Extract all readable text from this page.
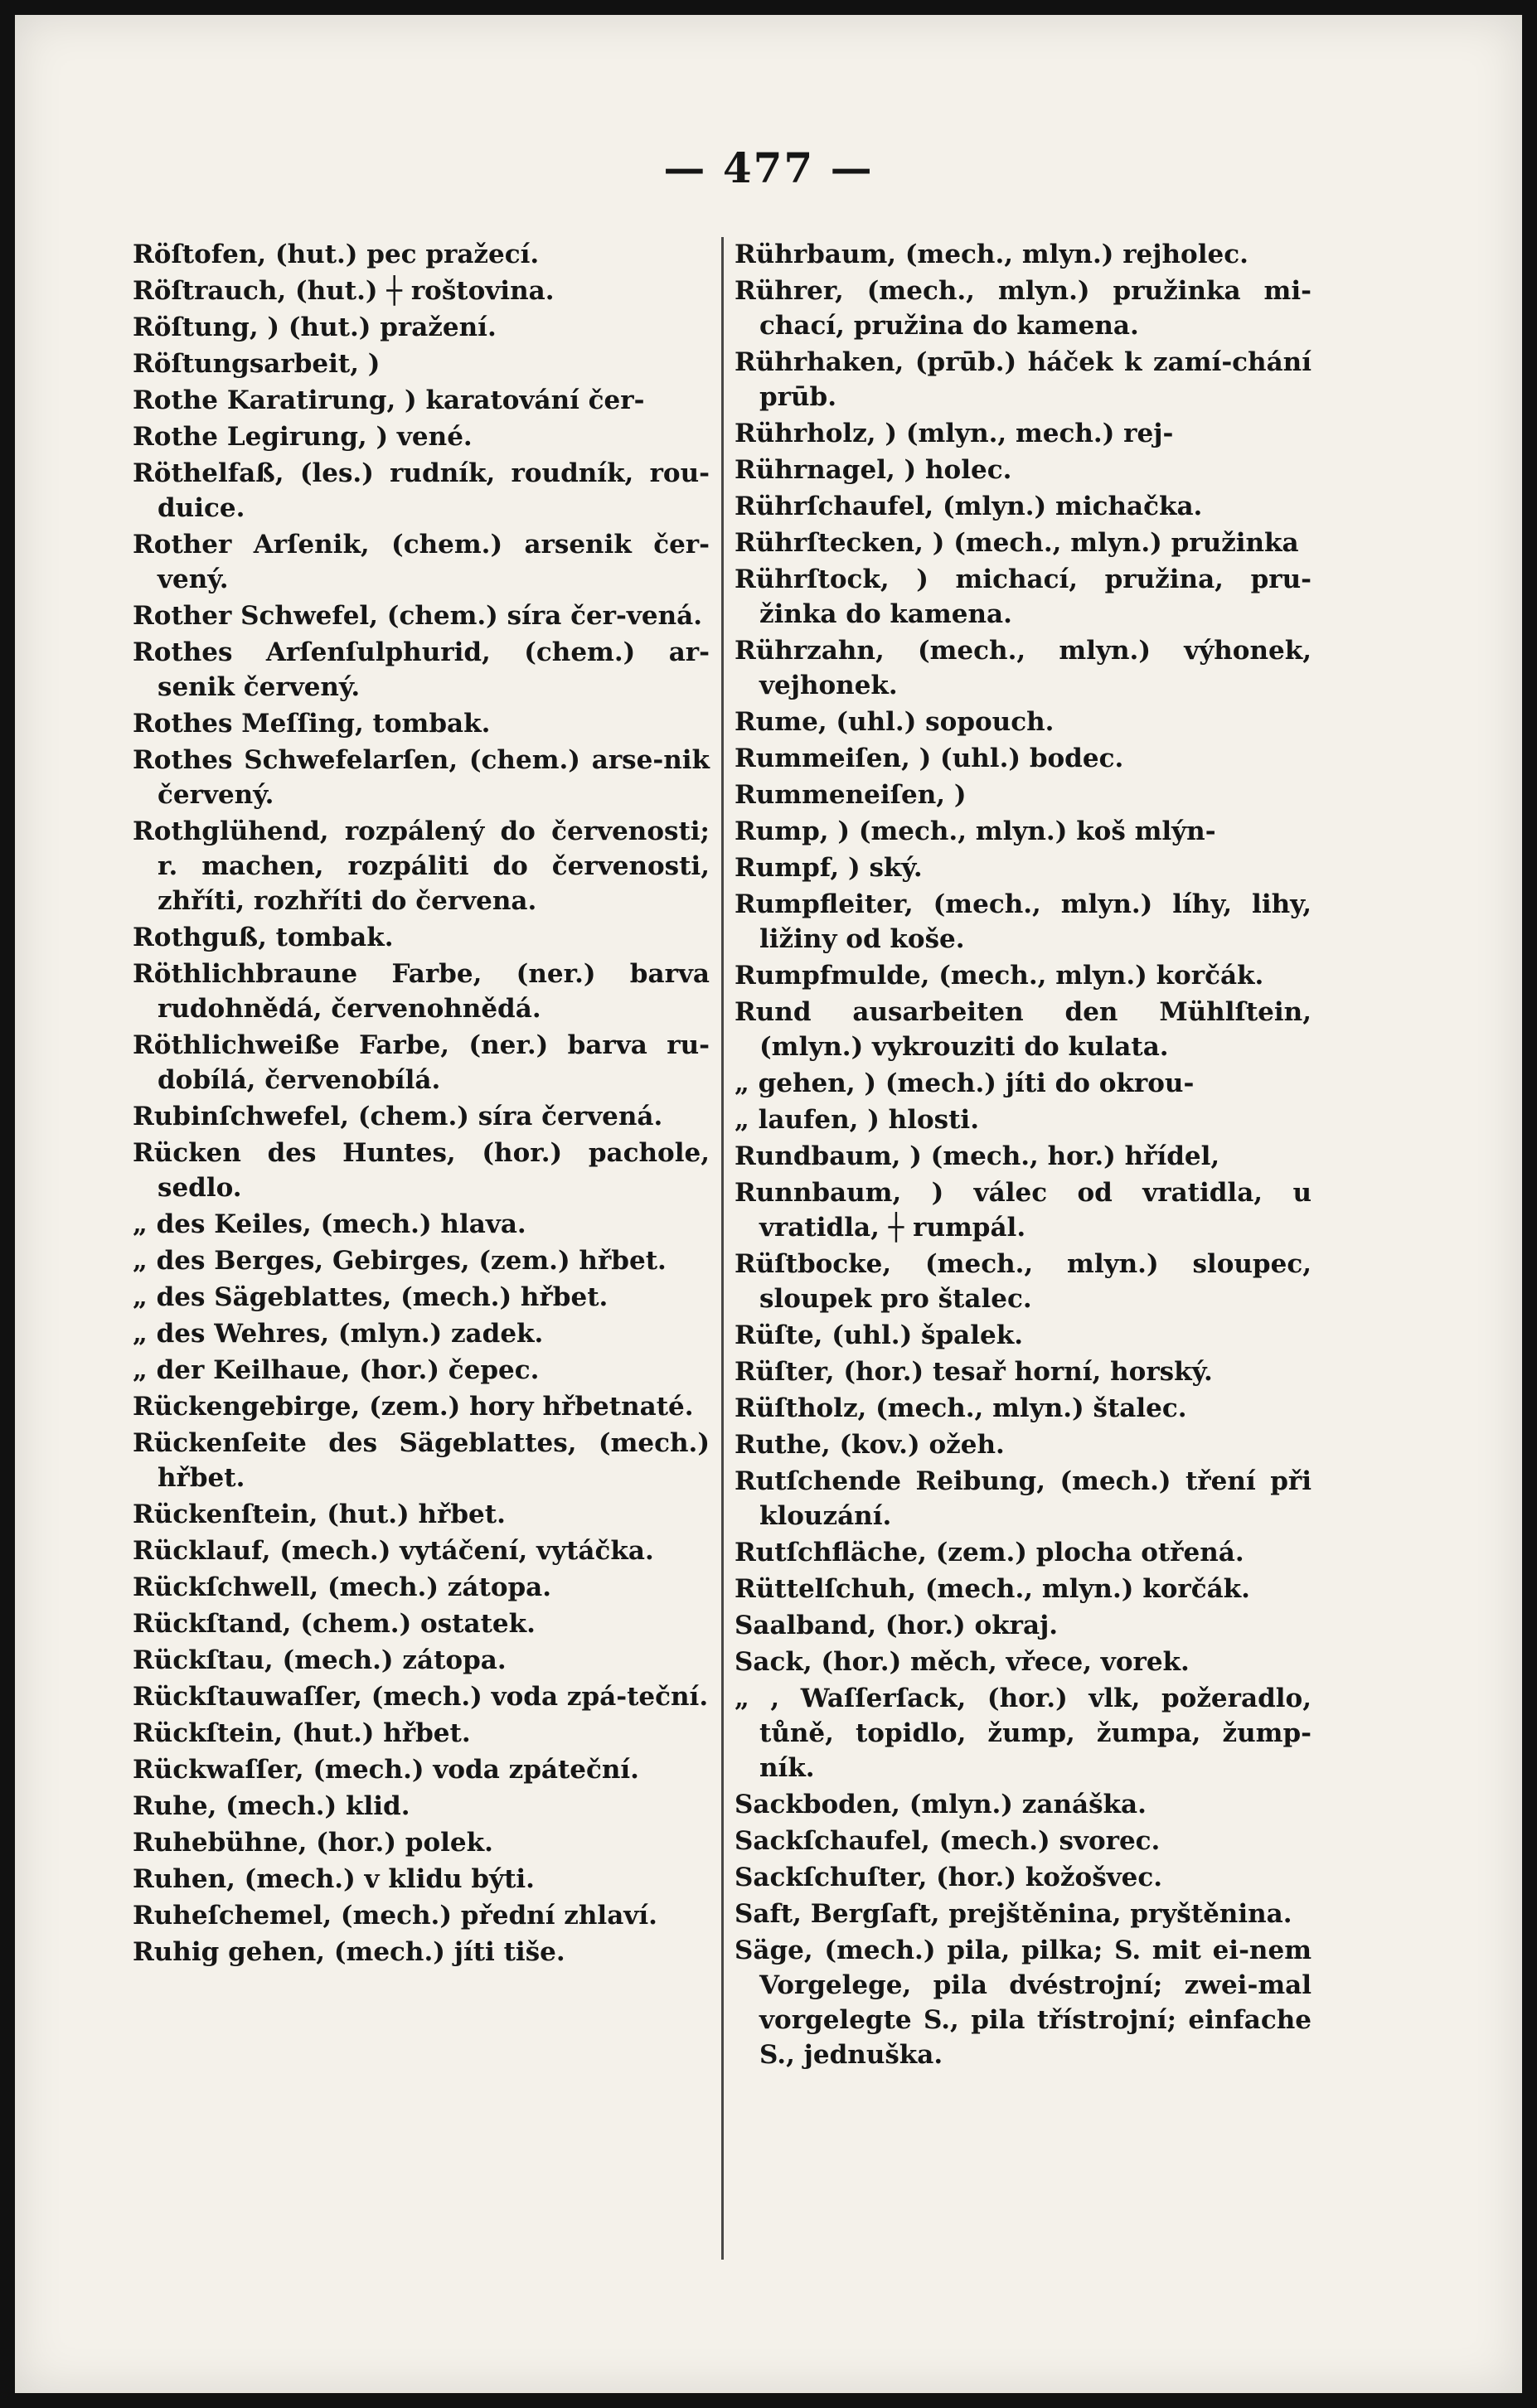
— 477 —
Röſtofen, (hut.) pec pražecí.
Röſtrauch, (hut.) ┼ roštovina.
Röſtung, ) (hut.) pražení.
Röſtungsarbeit, )
Rothe Karatirung, ) karatování čer-
Rothe Legirung, ) vené.
Röthelfaß, (les.) rudník, roudník, rou-duice.
Rother Arſenik, (chem.) arsenik čer-vený.
Rother Schwefel, (chem.) síra čer-vená.
Rothes Arſenſulphurid, (chem.) ar-senik červený.
Rothes Meſſing, tombak.
Rothes Schwefelarſen, (chem.) arse-nik červený.
Rothglühend, rozpálený do červenosti; r. machen, rozpáliti do červenosti, zhříti, rozhříti do červena.
Rothguß, tombak.
Röthlichbraune Farbe, (ner.) barva rudohnědá, červenohnědá.
Röthlichweiße Farbe, (ner.) barva ru-dobílá, červenobílá.
Rubinſchwefel, (chem.) síra červená.
Rücken des Huntes, (hor.) pachole, sedlo.
„ des Keiles, (mech.) hlava.
„ des Berges, Gebirges, (zem.) hřbet.
„ des Sägeblattes, (mech.) hřbet.
„ des Wehres, (mlyn.) zadek.
„ der Keilhaue, (hor.) čepec.
Rückengebirge, (zem.) hory hřbetnaté.
Rückenſeite des Sägeblattes, (mech.) hřbet.
Rückenſtein, (hut.) hřbet.
Rücklauf, (mech.) vytáčení, vytáčka.
Rückſchwell, (mech.) zátopa.
Rückſtand, (chem.) ostatek.
Rückſtau, (mech.) zátopa.
Rückſtauwaſſer, (mech.) voda zpá-teční.
Rückſtein, (hut.) hřbet.
Rückwaſſer, (mech.) voda zpáteční.
Ruhe, (mech.) klid.
Ruhebühne, (hor.) polek.
Ruhen, (mech.) v klidu býti.
Ruheſchemel, (mech.) přední zhlaví.
Ruhig gehen, (mech.) jíti tiše.
Rührbaum, (mech., mlyn.) rejholec.
Rührer, (mech., mlyn.) pružinka mi-chací, pružina do kamena.
Rührhaken, (prūb.) háček k zamí-chání prūb.
Rührholz, ) (mlyn., mech.) rej-
Rührnagel, ) holec.
Rührſchaufel, (mlyn.) michačka.
Rührſtecken, ) (mech., mlyn.) pružinka
Rührſtock, ) michací, pružina, pru-žinka do kamena.
Rührzahn, (mech., mlyn.) výhonek, vejhonek.
Rume, (uhl.) sopouch.
Rummeiſen, ) (uhl.) bodec.
Rummeneiſen, )
Rump, ) (mech., mlyn.) koš mlýn-
Rumpf, ) ský.
Rumpfleiter, (mech., mlyn.) líhy, lihy, ližiny od koše.
Rumpfmulde, (mech., mlyn.) korčák.
Rund ausarbeiten den Mühlſtein, (mlyn.) vykrouziti do kulata.
„ gehen, ) (mech.) jíti do okrou-
„ laufen, ) hlosti.
Rundbaum, ) (mech., hor.) hřídel,
Runnbaum, ) válec od vratidla, u vratidla, ┼ rumpál.
Rüſtbocke, (mech., mlyn.) sloupec, sloupek pro štalec.
Rüſte, (uhl.) špalek.
Rüſter, (hor.) tesař horní, horský.
Rüſtholz, (mech., mlyn.) štalec.
Ruthe, (kov.) ožeh.
Rutſchende Reibung, (mech.) tření při klouzání.
Rutſchfläche, (zem.) plocha otřená.
Rüttelſchuh, (mech., mlyn.) korčák.
Saalband, (hor.) okraj.
Sack, (hor.) měch, vřece, vorek.
„ , Waſſerſack, (hor.) vlk, požeradlo, tůně, topidlo, žump, žumpa, žump-ník.
Sackboden, (mlyn.) zanáška.
Sackſchaufel, (mech.) svorec.
Sackſchuſter, (hor.) kožošvec.
Saft, Bergſaft, prejštěnina, pryštěnina.
Säge, (mech.) pila, pilka; S. mit ei-nem Vorgelege, pila dvéstrojní; zwei-mal vorgelegte S., pila třístrojní; einfache S., jednuška.
